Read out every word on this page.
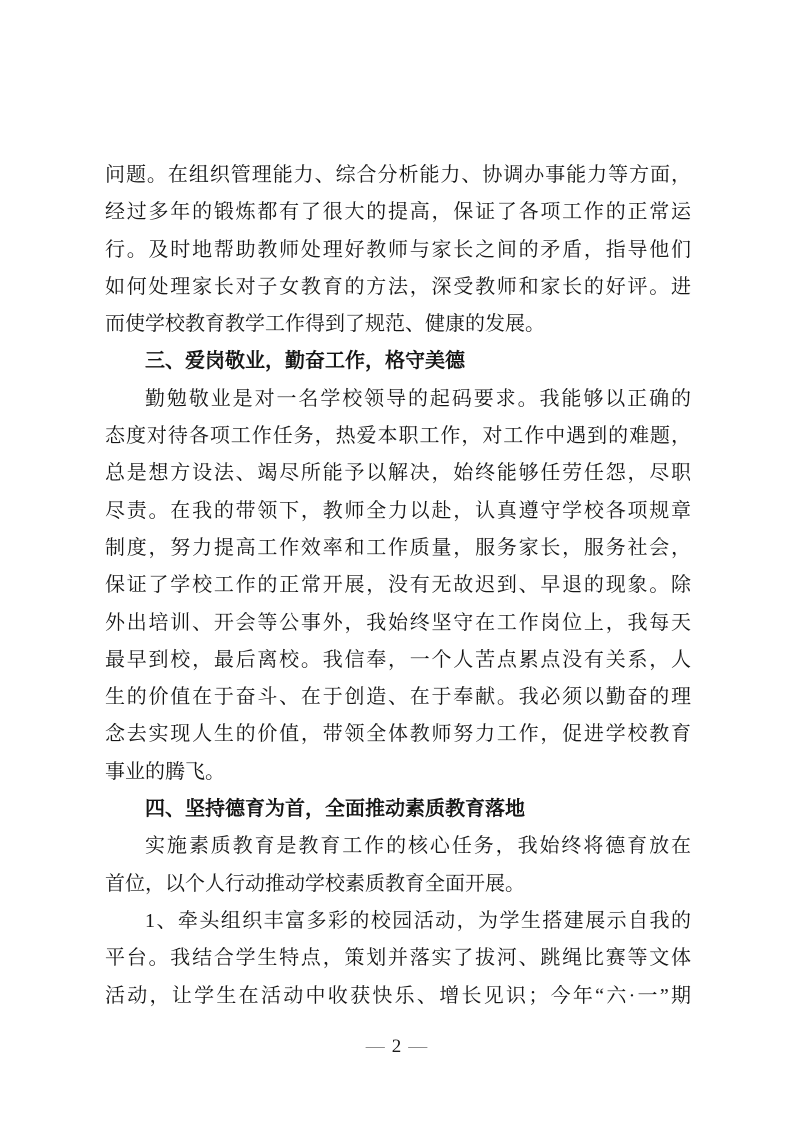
问题。在组织管理能力、综合分析能力、协调办事能力等方面，
经过多年的锻炼都有了很大的提高，保证了各项工作的正常运
行。及时地帮助教师处理好教师与家长之间的矛盾，指导他们
如何处理家长对子女教育的方法，深受教师和家长的好评。进
而使学校教育教学工作得到了规范、健康的发展。
三、爱岗敬业，勤奋工作，格守美德
勤勉敬业是对一名学校领导的起码要求。我能够以正确的
态度对待各项工作任务，热爱本职工作，对工作中遇到的难题，
总是想方设法、竭尽所能予以解决，始终能够任劳任怨，尽职
尽责。在我的带领下，教师全力以赴，认真遵守学校各项规章
制度，努力提高工作效率和工作质量，服务家长，服务社会，
保证了学校工作的正常开展，没有无故迟到、早退的现象。除
外出培训、开会等公事外，我始终坚守在工作岗位上，我每天
最早到校，最后离校。我信奉，一个人苦点累点没有关系，人
生的价值在于奋斗、在于创造、在于奉献。我必须以勤奋的理
念去实现人生的价值，带领全体教师努力工作，促进学校教育
事业的腾飞。
四、坚持德育为首，全面推动素质教育落地
实施素质教育是教育工作的核心任务，我始终将德育放在
首位，以个人行动推动学校素质教育全面开展。
1、牵头组织丰富多彩的校园活动，为学生搭建展示自我的
平台。我结合学生特点，策划并落实了拔河、跳绳比赛等文体
活动，让学生在活动中收获快乐、增长见识；今年“六·一”期
— 2 —
